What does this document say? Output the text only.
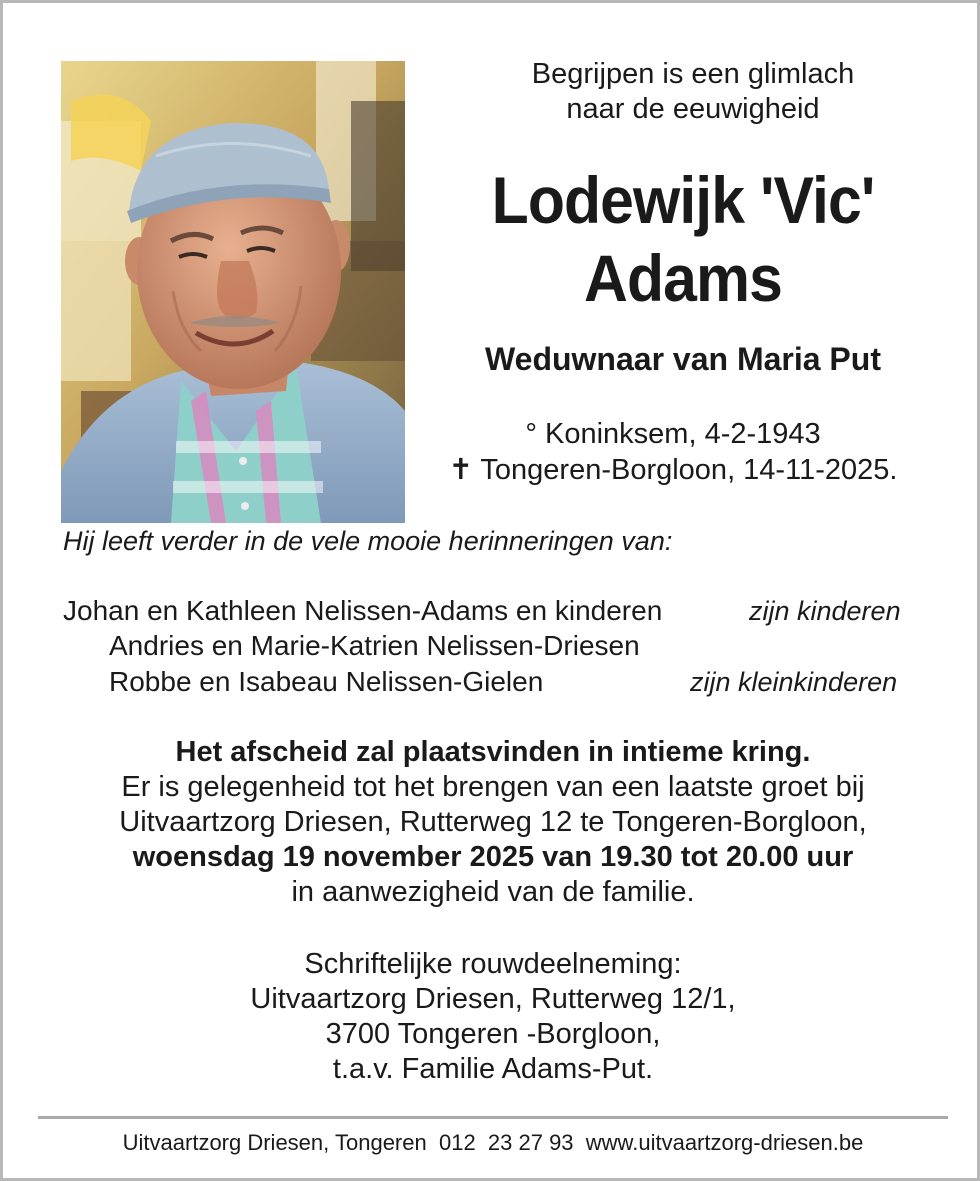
Begrijpen is een glimlach
naar de eeuwigheid
Lodewijk 'Vic'
Adams
Weduwnaar van Maria Put
° Koninksem, 4-2-1943
✝ Tongeren-Borgloon, 14-11-2025.
Hij leeft verder in de vele mooie herinneringen van:
Johan en Kathleen Nelissen-Adams en kinderen	zijn kinderen
Andries en Marie-Katrien Nelissen-Driesen
Robbe en Isabeau Nelissen-Gielen	zijn kleinkinderen
Het afscheid zal plaatsvinden in intieme kring.
Er is gelegenheid tot het brengen van een laatste groet bij
Uitvaartzorg Driesen, Rutterweg 12 te Tongeren-Borgloon,
woensdag 19 november 2025 van 19.30 tot 20.00 uur
in aanwezigheid van de familie.
Schriftelijke rouwdeelneming:
Uitvaartzorg Driesen, Rutterweg 12/1,
3700 Tongeren -Borgloon,
t.a.v. Familie Adams-Put.
Uitvaartzorg Driesen, Tongeren 012  23 27 93 www.uitvaartzorg-driesen.be
